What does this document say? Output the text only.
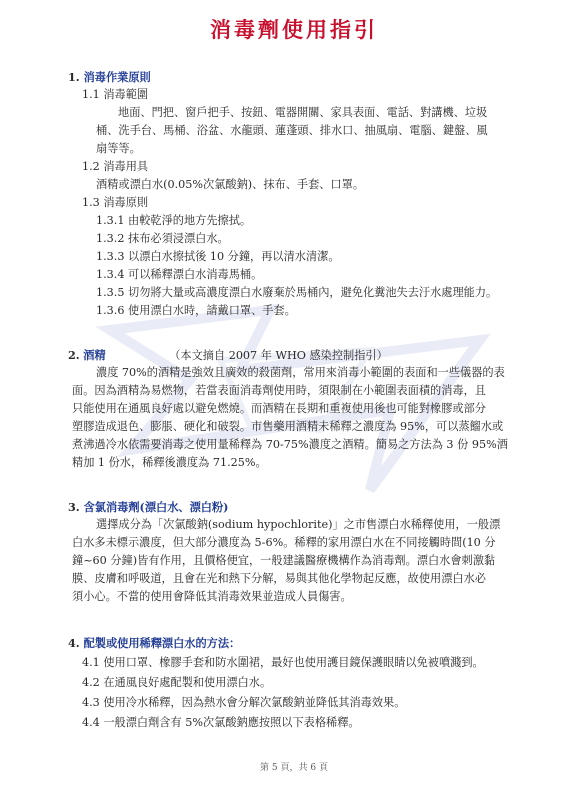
消毒劑使用指引
1. 消毒作業原則
1.1 消毒範圍
地面、門把、窗戶把手、按鈕、電器開關、家具表面、電話、對講機、垃圾
桶、洗手台、馬桶、浴盆、水龍頭、蓮蓬頭、排水口、抽風扇、電腦、鍵盤、風
扇等等。
1.2 消毒用具
酒精或漂白水(0.05%次氯酸鈉)、抹布、手套、口罩。
1.3 消毒原則
1.3.1 由較乾淨的地方先擦拭。
1.3.2 抹布必須浸漂白水。
1.3.3 以漂白水擦拭後 10 分鐘，再以清水清潔。
1.3.4 可以稀釋漂白水消毒馬桶。
1.3.5 切勿將大量或高濃度漂白水廢棄於馬桶內，避免化糞池失去汙水處理能力。
1.3.6 使用漂白水時，請戴口罩、手套。
2. 酒精	（本文摘自 2007 年 WHO 感染控制指引）
濃度 70%的酒精是強效且廣效的殺菌劑，常用來消毒小範圍的表面和一些儀器的表
面。因為酒精為易燃物，若當表面消毒劑使用時，須限制在小範圍表面積的消毒，且
只能使用在通風良好處以避免燃燒。而酒精在長期和重複使用後也可能對橡膠或部分
塑膠造成退色、膨脹、硬化和破裂。市售藥用酒精未稀釋之濃度為 95%，可以蒸餾水或
煮沸過冷水依需要消毒之使用量稀釋為 70-75%濃度之酒精。簡易之方法為 3 份 95%酒
精加 1 份水，稀釋後濃度為 71.25%。
3. 含氯消毒劑(漂白水、漂白粉)
選擇成分為「次氯酸鈉(sodium hypochlorite)」之市售漂白水稀釋使用，一般漂
白水多未標示濃度，但大部分濃度為 5-6%。稀釋的家用漂白水在不同接觸時間(10 分
鐘~60 分鐘)皆有作用，且價格便宜，一般建議醫療機構作為消毒劑。漂白水會刺激黏
膜、皮膚和呼吸道，且會在光和熱下分解，易與其他化學物起反應，故使用漂白水必
須小心。不當的使用會降低其消毒效果並造成人員傷害。
4. 配製或使用稀釋漂白水的方法：
4.1 使用口罩、橡膠手套和防水圍裙，最好也使用護目鏡保護眼睛以免被噴濺到。
4.2 在通風良好處配製和使用漂白水。
4.3 使用冷水稀釋，因為熱水會分解次氯酸鈉並降低其消毒效果。
4.4 一般漂白劑含有 5%次氯酸鈉應按照以下表格稀釋。
第 5 頁，共 6 頁
